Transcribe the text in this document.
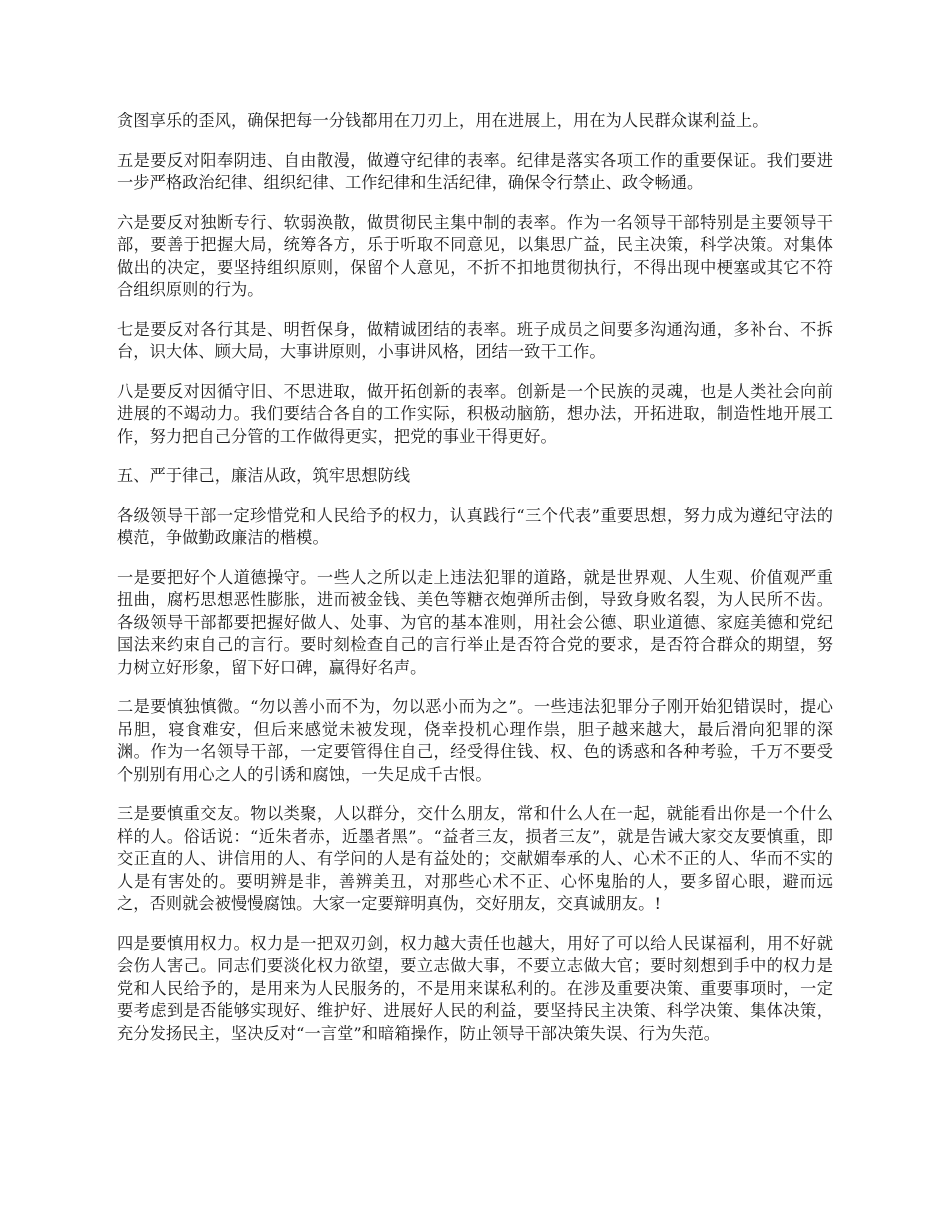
贪图享乐的歪风，确保把每一分钱都用在刀刃上，用在进展上，用在为人民群众谋利益上。

五是要反对阳奉阴违、自由散漫，做遵守纪律的表率。纪律是落实各项工作的重要保证。我们要进一步严格政治纪律、组织纪律、工作纪律和生活纪律，确保令行禁止、政令畅通。

六是要反对独断专行、软弱涣散，做贯彻民主集中制的表率。作为一名领导干部特别是主要领导干部，要善于把握大局，统筹各方，乐于听取不同意见，以集思广益，民主决策，科学决策。对集体做出的决定，要坚持组织原则，保留个人意见，不折不扣地贯彻执行，不得出现中梗塞或其它不符合组织原则的行为。

七是要反对各行其是、明哲保身，做精诚团结的表率。班子成员之间要多沟通沟通，多补台、不拆台，识大体、顾大局，大事讲原则，小事讲风格，团结一致干工作。

八是要反对因循守旧、不思进取，做开拓创新的表率。创新是一个民族的灵魂，也是人类社会向前进展的不竭动力。我们要结合各自的工作实际，积极动脑筋，想办法，开拓进取，制造性地开展工作，努力把自己分管的工作做得更实，把党的事业干得更好。

五、严于律己，廉洁从政，筑牢思想防线

各级领导干部一定珍惜党和人民给予的权力，认真践行“三个代表”重要思想，努力成为遵纪守法的模范，争做勤政廉洁的楷模。

一是要把好个人道德操守。一些人之所以走上违法犯罪的道路，就是世界观、人生观、价值观严重扭曲，腐朽思想恶性膨胀，进而被金钱、美色等糖衣炮弹所击倒，导致身败名裂，为人民所不齿。各级领导干部都要把握好做人、处事、为官的基本准则，用社会公德、职业道德、家庭美德和党纪国法来约束自己的言行。要时刻检查自己的言行举止是否符合党的要求，是否符合群众的期望，努力树立好形象，留下好口碑，赢得好名声。

二是要慎独慎微。“勿以善小而不为，勿以恶小而为之”。一些违法犯罪分子刚开始犯错误时，提心吊胆，寝食难安，但后来感觉未被发现，侥幸投机心理作祟，胆子越来越大，最后滑向犯罪的深渊。作为一名领导干部，一定要管得住自己，经受得住钱、权、色的诱惑和各种考验，千万不要受个别别有用心之人的引诱和腐蚀，一失足成千古恨。

三是要慎重交友。物以类聚，人以群分，交什么朋友，常和什么人在一起，就能看出你是一个什么样的人。俗话说：“近朱者赤，近墨者黑”。“益者三友，损者三友”，就是告诫大家交友要慎重，即交正直的人、讲信用的人、有学问的人是有益处的；交献媚奉承的人、心术不正的人、华而不实的人是有害处的。要明辨是非，善辨美丑，对那些心术不正、心怀鬼胎的人，要多留心眼，避而远之，否则就会被慢慢腐蚀。大家一定要辩明真伪，交好朋友，交真诚朋友。!

四是要慎用权力。权力是一把双刃剑，权力越大责任也越大，用好了可以给人民谋福利，用不好就会伤人害己。同志们要淡化权力欲望，要立志做大事，不要立志做大官；要时刻想到手中的权力是党和人民给予的，是用来为人民服务的，不是用来谋私利的。在涉及重要决策、重要事项时，一定要考虑到是否能够实现好、维护好、进展好人民的利益，要坚持民主决策、科学决策、集体决策，充分发扬民主，坚决反对“一言堂”和暗箱操作，防止领导干部决策失误、行为失范。
